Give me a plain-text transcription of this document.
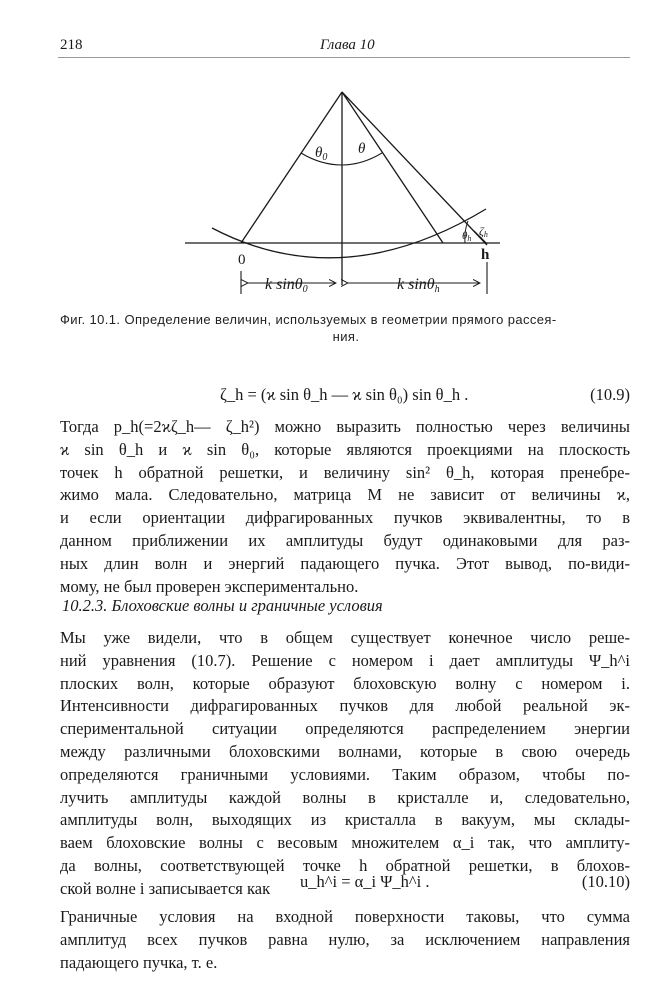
218	Глава 10
$\theta_0$
θ
0	h
θh
ζh
k sinθ0	k sinθh
Фиг. 10.1. Определение величин, используемых в геометрии прямого рассея-
ния.
ζ_h = (ϰ sin θ_h — ϰ sin θ₀) sin θ_h .	(10.9)
Тогда p_h(=2ϰζ_h— ζ_h²) можно выразить полностью через величины
ϰ sin θ_h и ϰ sin θ₀, которые являются проекциями на плоскость
точек h обратной решетки, и величину sin² θ_h, которая пренебре-
жимо мала. Следовательно, матрица M не зависит от величины ϰ,
и если ориентации дифрагированных пучков эквивалентны, то в
данном приближении их амплитуды будут одинаковыми для раз-
ных длин волн и энергий падающего пучка. Этот вывод, по-види-
мому, не был проверен экспериментально.
10.2.3. Блоховские волны и граничные условия
Мы уже видели, что в общем существует конечное число реше-
ний уравнения (10.7). Решение с номером i дает амплитуды Ψ_h^i
плоских волн, которые образуют блоховскую волну с номером i.
Интенсивности дифрагированных пучков для любой реальной эк-
спериментальной ситуации определяются распределением энергии
между различными блоховскими волнами, которые в свою очередь
определяются граничными условиями. Таким образом, чтобы по-
лучить амплитуды каждой волны в кристалле и, следовательно,
амплитуды волн, выходящих из кристалла в вакуум, мы склады-
ваем блоховские волны с весовым множителем α_i так, что амплиту-
да волны, соответствующей точке h обратной решетки, в блохов-
ской волне i записывается как	u_h^i = α_i Ψ_h^i .	(10.10)
Граничные условия на входной поверхности таковы, что сумма
амплитуд всех пучков равна нулю, за исключением направления
падающего пучка, т. е.
